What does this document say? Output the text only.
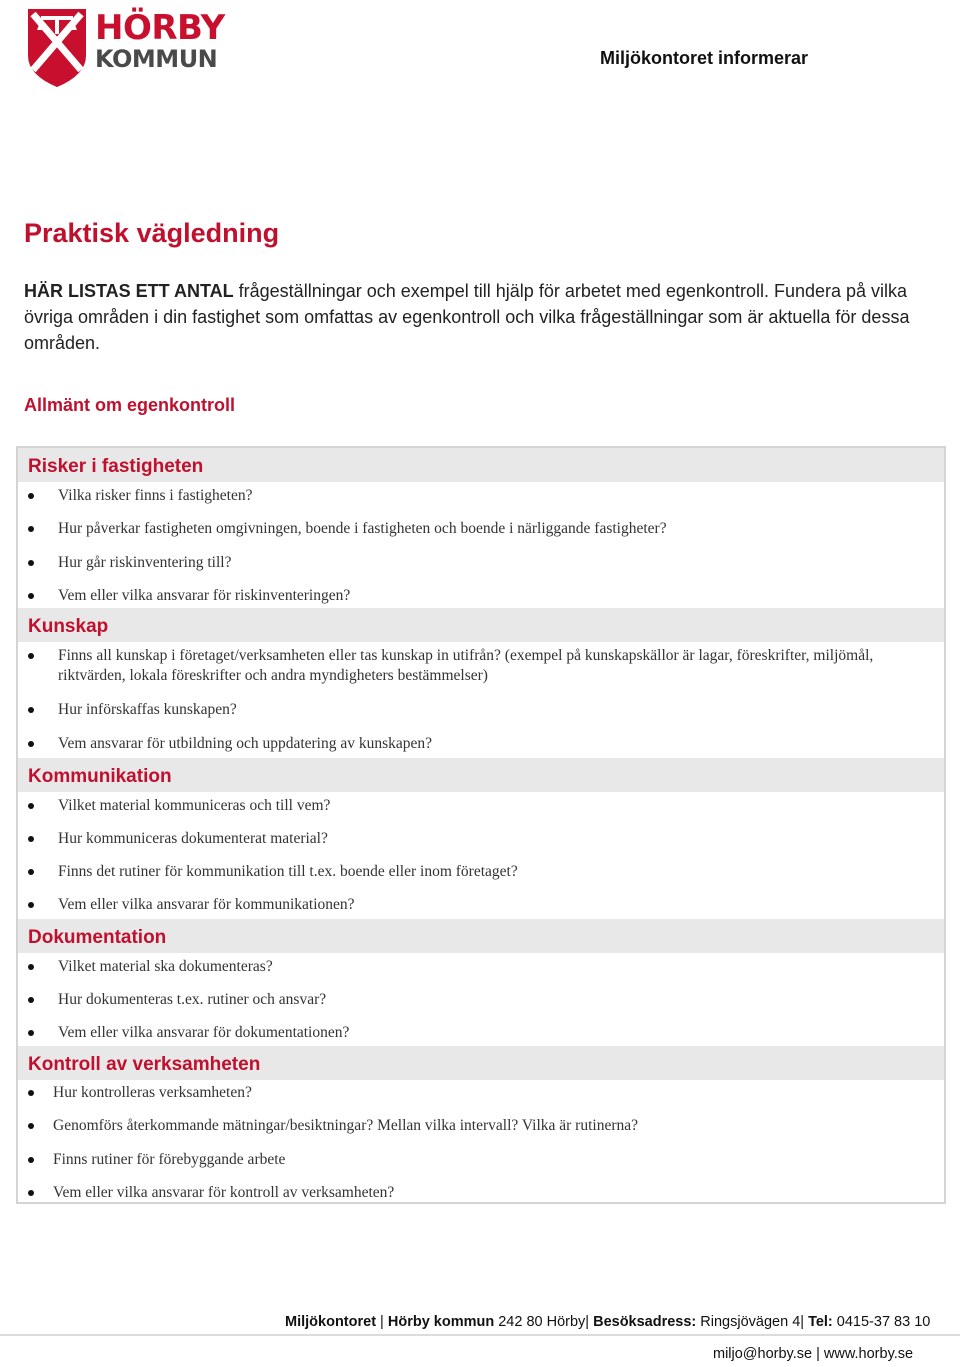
HÖRBY
KOMMUN	Miljökontoret informerar
Praktisk vägledning

HÄR LISTAS ETT ANTAL frågeställningar och exempel till hjälp för arbetet med egenkontroll. Fundera på vilka övriga områden i din fastighet som omfattas av egenkontroll och vilka frågeställningar som är aktuella för dessa områden.

Allmänt om egenkontroll
Risker i fastigheten
Vilka risker finns i fastigheten?
Hur påverkar fastigheten omgivningen, boende i fastigheten och boende i närliggande fastigheter?
Hur går riskinventering till?
Vem eller vilka ansvarar för riskinventeringen?
Kunskap
Finns all kunskap i företaget/verksamheten eller tas kunskap in utifrån? (exempel på kunskapskällor är lagar, föreskrifter, miljömål, riktvärden, lokala föreskrifter och andra myndigheters bestämmelser)
Hur införskaffas kunskapen?
Vem ansvarar för utbildning och uppdatering av kunskapen?
Kommunikation
Vilket material kommuniceras och till vem?
Hur kommuniceras dokumenterat material?
Finns det rutiner för kommunikation till t.ex. boende eller inom företaget?
Vem eller vilka ansvarar för kommunikationen?
Dokumentation
Vilket material ska dokumenteras?
Hur dokumenteras t.ex. rutiner och ansvar?
Vem eller vilka ansvarar för dokumentationen?
Kontroll av verksamheten
Hur kontrolleras verksamheten?
Genomförs återkommande mätningar/besiktningar? Mellan vilka intervall? Vilka är rutinerna?
Finns rutiner för förebyggande arbete
Vem eller vilka ansvarar för kontroll av verksamheten?
Miljökontoret | Hörby kommun 242 80 Hörby| Besöksadress: Ringsjövägen 4| Tel: 0415-37 83 10
miljo@horby.se | www.horby.se
